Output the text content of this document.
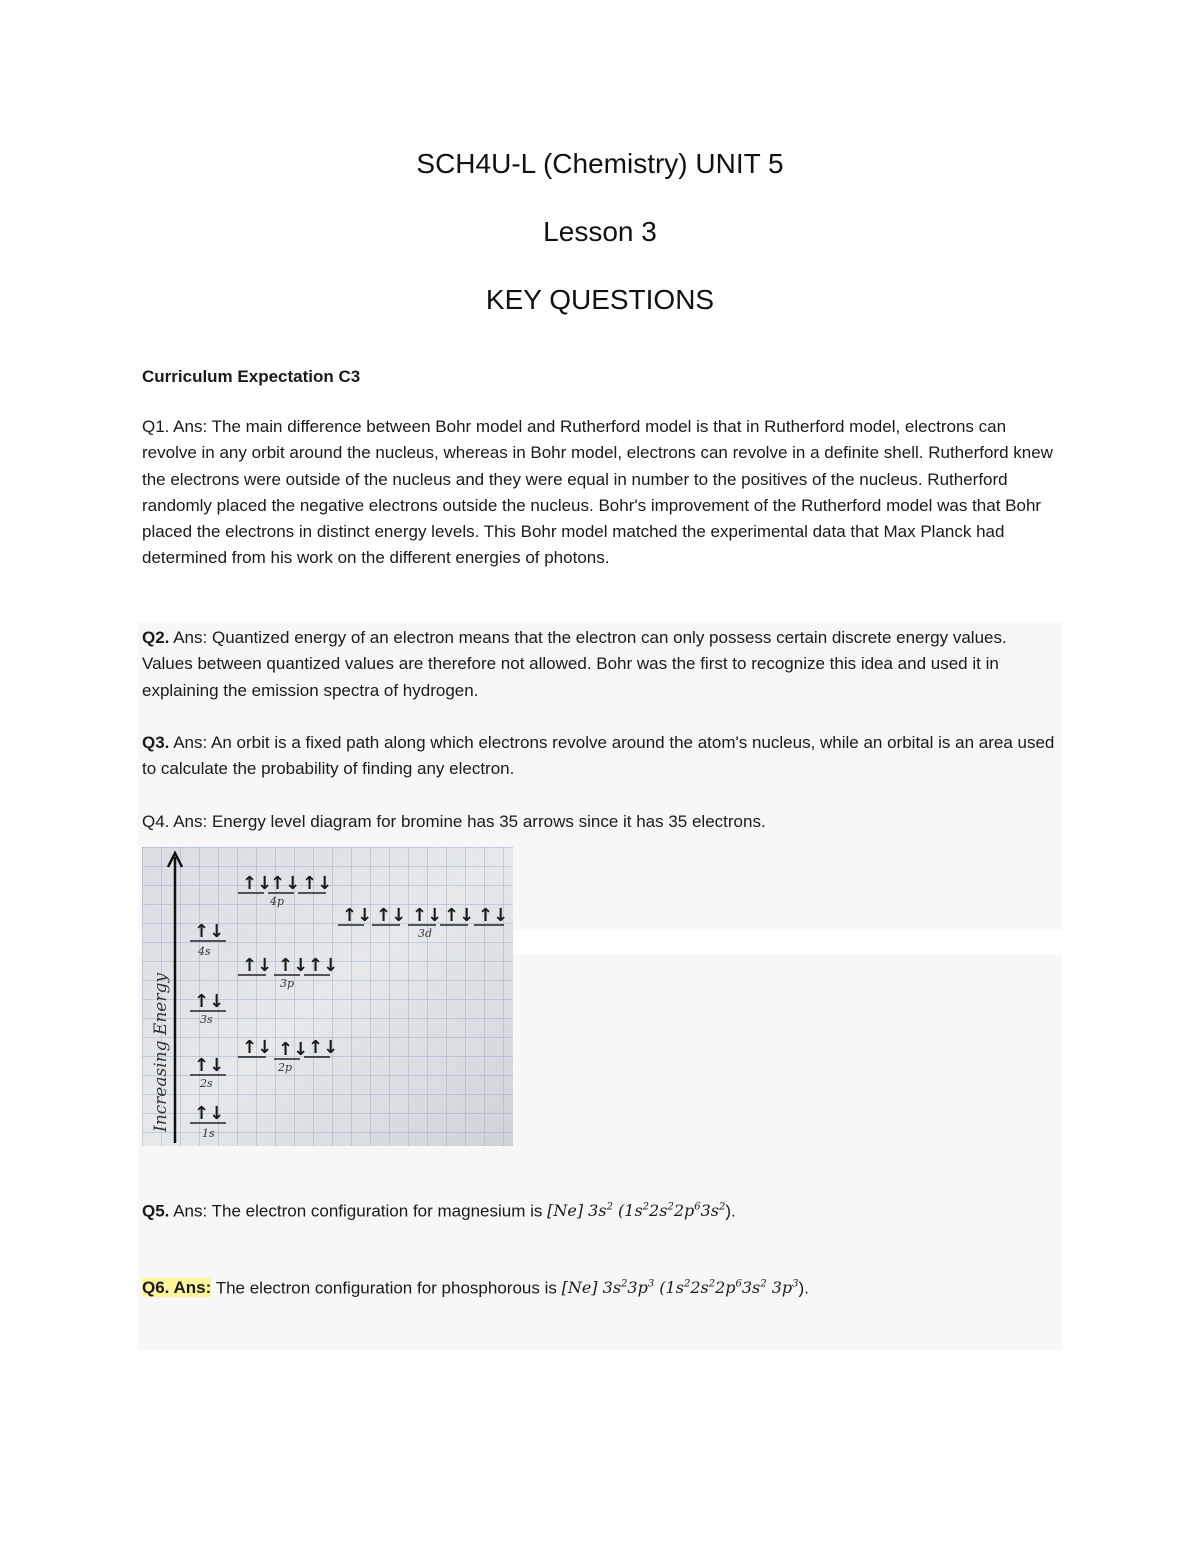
SCH4U-L (Chemistry) UNIT 5
Lesson 3
KEY QUESTIONS
Curriculum Expectation C3

Q1. Ans: The main difference between Bohr model and Rutherford model is that in Rutherford model, electrons can revolve in any orbit around the nucleus, whereas in Bohr model, electrons can revolve in a definite shell. Rutherford knew the electrons were outside of the nucleus and they were equal in number to the positives of the nucleus. Rutherford randomly placed the negative electrons outside the nucleus. Bohr's improvement of the Rutherford model was that Bohr placed the electrons in distinct energy levels. This Bohr model matched the experimental data that Max Planck had determined from his work on the different energies of photons.

Q2. Ans: Quantized energy of an electron means that the electron can only possess certain discrete energy values. Values between quantized values are therefore not allowed. Bohr was the first to recognize this idea and used it in explaining the emission spectra of hydrogen.

Q3. Ans: An orbit is a fixed path along which electrons revolve around the atom's nucleus, while an orbital is an area used to calculate the probability of finding any electron.

Q4. Ans: Energy level diagram for bromine has 35 arrows since it has 35 electrons.

Increasing Energy ↑↓
↑↓
↑↓
↑↓
↑↓ ↑↓ ↑↓
↑↓ ↑↓ ↑↓
↑↓
↑↓ ↑↓
↑↓ ↑↓ ↑↓ ↑↓ ↑↓
1s
2s
2p
3s
3p
4s
4p
3d

Q5. Ans: The electron configuration for magnesium is [Ne] $3s^2$ $(1s^22s^22p^63s^2)$.

Q6. Ans: The electron configuration for phosphorous is [Ne] $3s^23p^3$ ($1s^22s^22p^63s^2$ $3p^3$).
